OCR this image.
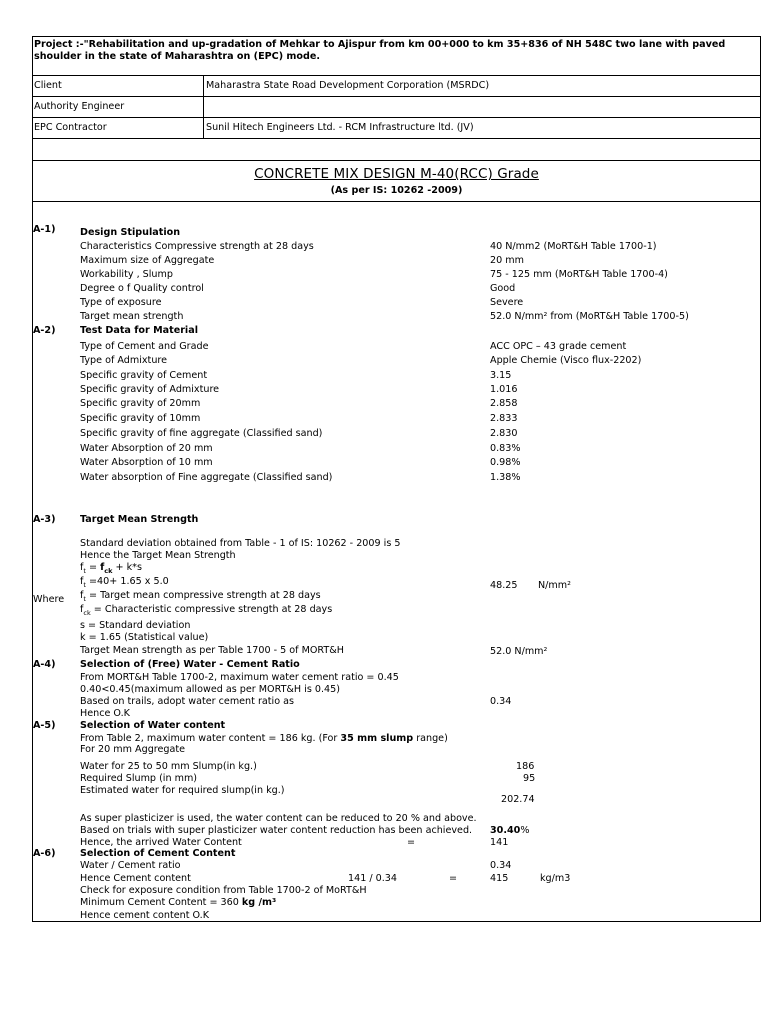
Project :-"Rehabilitation and up-gradation of Mehkar to Ajispur from km 00+000 to km 35+836 of NH 548C two lane with paved shoulder in the state of Maharashtra on (EPC) mode.
Client	Maharastra State Road Development Corporation (MSRDC)
Authority Engineer
EPC Contractor	Sunil Hitech Engineers Ltd. - RCM Infrastructure ltd. (JV)
CONCRETE MIX DESIGN M-40(RCC) Grade
(As per IS: 10262 -2009)
A-1)	Design Stipulation
Characteristics Compressive strength at 28 days	40 N/mm2 (MoRT&H Table 1700-1)
Maximum size of Aggregate	20 mm
Workability , Slump	75 - 125 mm (MoRT&H Table 1700-4)
Degree o f Quality control	Good
Type of exposure	Severe
Target mean strength	52.0 N/mm² from (MoRT&H Table 1700-5)
A-2)	Test Data for Material
Type of Cement and Grade	ACC OPC – 43 grade cement
Type of Admixture	Apple Chemie (Visco flux-2202)
Specific gravity of Cement	3.15
Specific gravity of Admixture	1.016
Specific gravity of 20mm	2.858
Specific gravity of 10mm	2.833
Specific gravity of fine aggregate (Classified sand)	2.830
Water Absorption of 20 mm	0.83%
Water Absorption of 10 mm	0.98%
Water absorption of Fine aggregate (Classified sand)	1.38%
A-3)	Target Mean Strength
Standard deviation obtained from Table - 1 of IS: 10262 - 2009 is 5
Hence the Target Mean Strength
$f_t = f_{ck} + k*s$
$f_t =40+ 1.65$ x 5.0	48.25 N/mm²
Where $f_t$ = Target mean compressive strength at 28 days
$f_{ck}$ = Characteristic compressive strength at 28 days
s = Standard deviation
k = 1.65 (Statistical value)
Target Mean strength as per Table 1700 - 5 of MORT&H	52.0 N/mm²
A-4)	Selection of (Free) Water - Cement Ratio
From MORT&H Table 1700-2, maximum water cement ratio = 0.45
0.40<0.45(maximum allowed as per MORT&H is 0.45)
Based on trails, adopt water cement ratio as	0.34
Hence O.K
A-5)	Selection of Water content
From Table 2, maximum water content = 186 kg. (For 35 mm slump range)
For 20 mm Aggregate
Water for 25 to 50 mm Slump(in kg.)	186
Required Slump (in mm)	95
Estimated water for required slump(in kg.)
202.74
As super plasticizer is used, the water content can be reduced to 20 % and above.
Based on trials with super plasticizer water content reduction has been achieved. 30.40%
Hence, the arrived Water Content	=	141
A-6)	Selection of Cement Content
Water / Cement ratio	0.34
Hence Cement content	141 / 0.34	=	415	kg/m3
Check for exposure condition from Table 1700-2 of MoRT&H
Minimum Cement Content = 360 kg /m³
Hence cement content O.K
